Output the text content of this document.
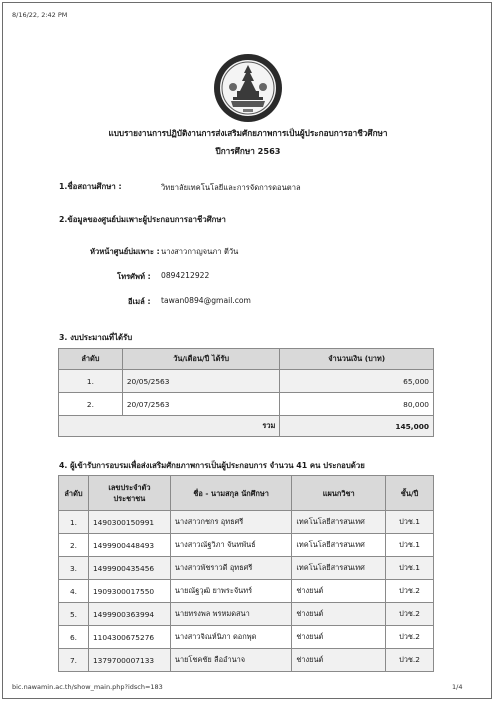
8/16/22, 2:42 PM
แบบรายงานการปฏิบัติงานการส่งเสริมศักยภาพการเป็นผู้ประกอบการอาชีวศึกษา
ปีการศึกษา 2563
1.ชื่อสถานศึกษา :	วิทยาลัยเทคโนโลยีและการจัดการดอนตาล
2.ข้อมูลของศูนย์บ่มเพาะผู้ประกอบการอาชีวศึกษา
หัวหน้าศูนย์บ่มเพาะ : นางสาวกาญจนภา ตีวัน
โทรศัพท์ : 0894212922
อีเมล์ : tawan0894@gmail.com
3. งบประมาณที่ได้รับ
ลำดับ	วัน/เดือน/ปี ได้รับ	จำนวนเงิน (บาท)
1.	20/05/2563	65,000
2.	20/07/2563	80,000
รวม		145,000
4. ผู้เข้ารับการอบรมเพื่อส่งเสริมศักยภาพการเป็นผู้ประกอบการ จำนวน 41 คน ประกอบด้วย
ลำดับ	เลขประจำตัว ประชาชน	ชื่อ - นามสกุล นักศึกษา	แผนกวิชา	ชั้น/ปี
1.	1490300150991	นางสาวกชกร อุทธศรี	เทคโนโลยีสารสนเทศ	ปวช.1
2.	1499900448493	นางสาวณัฐวิภา จันทพันธ์	เทคโนโลยีสารสนเทศ	ปวช.1
3.	1499900435456	นางสาวพัชราวดี อุทธศรี	เทคโนโลยีสารสนเทศ	ปวช.1
4.	1909300017550	นายณัฐวุฒิ ยาพระจันทร์	ช่างยนต์	ปวช.2
5.	1499900363994	นายทรงพล พรหมดสนา	ช่างยนต์	ปวช.2
6.	1104300675276	นางสาวจิณห์นิภา ดอกพุด	ช่างยนต์	ปวช.2
7.	1379700007133	นายโชคชัย ลืออำนาจ	ช่างยนต์	ปวช.2
bic.nawamin.ac.th/show_main.php?idsch=183	1/4
